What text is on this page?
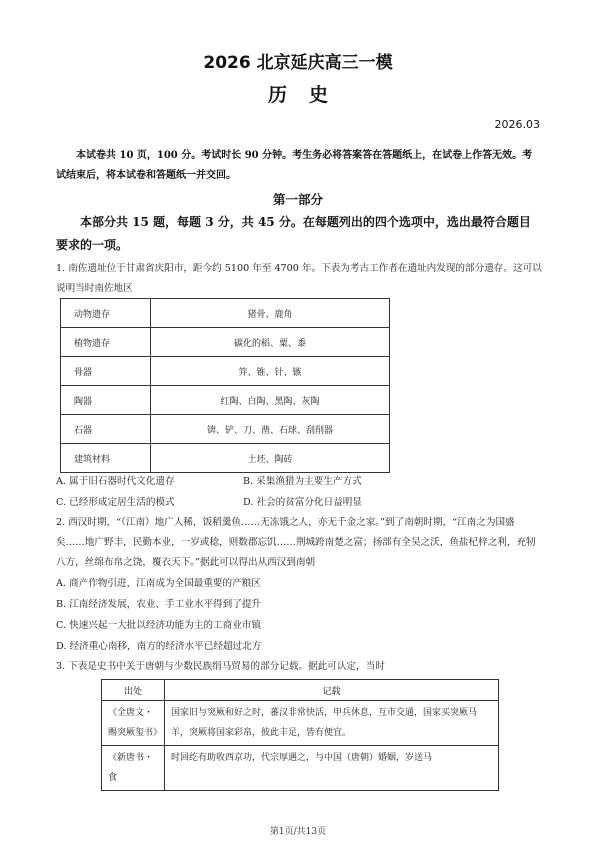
2026 北京延庆高三一模
历史
2026.03
本试卷共 10 页，100 分。考试时长 90 分钟。考生务必将答案答在答题纸上，在试卷上作答无效。考试结束后，将本试卷和答题纸一并交回。
第一部分
本部分共 15 题，每题 3 分，共 45 分。在每题列出的四个选项中，选出最符合题目要求的一项。
1. 南佐遗址位于甘肃省庆阳市，距今约 5100 年至 4700 年。下表为考古工作者在遗址内发现的部分遗存。这可以说明当时南佐地区
动物遗存	猪骨、鹿角
植物遗存	碳化的稻、粟、黍
骨器	笄、锥、针、镞
陶器	红陶、白陶、黑陶、灰陶
石器	锛、铲、刀、凿、石球、刮削器
建筑材料	土坯、陶砖
A. 属于旧石器时代文化遗存	B. 采集渔猎为主要生产方式
C. 已经形成定居生活的模式	D. 社会的贫富分化日益明显
2. 西汉时期，“（江南）地广人稀，饭稻羹鱼……无冻饿之人，亦无千金之家。”到了南朝时期，“江南之为国盛矣……地广野丰，民勤本业，一岁或稔，则数郡忘饥……荆城跨南楚之富；扬部有全吴之沃，鱼盐杞梓之利，充牣八方，丝绵布帛之饶，覆衣天下。”据此可以得出从西汉到南朝
A. 商产作物引进，江南成为全国最重要的产粮区
B. 江南经济发展，农业、手工业水平得到了提升
C. 快速兴起一大批以经济功能为主的工商业市镇
D. 经济重心南移，南方的经济水平已经超过北方
3. 下表是史书中关于唐朝与少数民族绢马贸易的部分记载。据此可认定，当时
出处	记载
《全唐文・赐突厥玺书》	国家旧与突厥和好之时，蕃汉非常快活，甲兵休息，互市交通，国家买突厥马羊，突厥将国家彩帛，彼此丰足，皆有便宜。
《新唐书・食	时回纥有助收西京功，代宗厚遇之，与中国（唐朝）婚姻，岁送马
第1页/共13页
